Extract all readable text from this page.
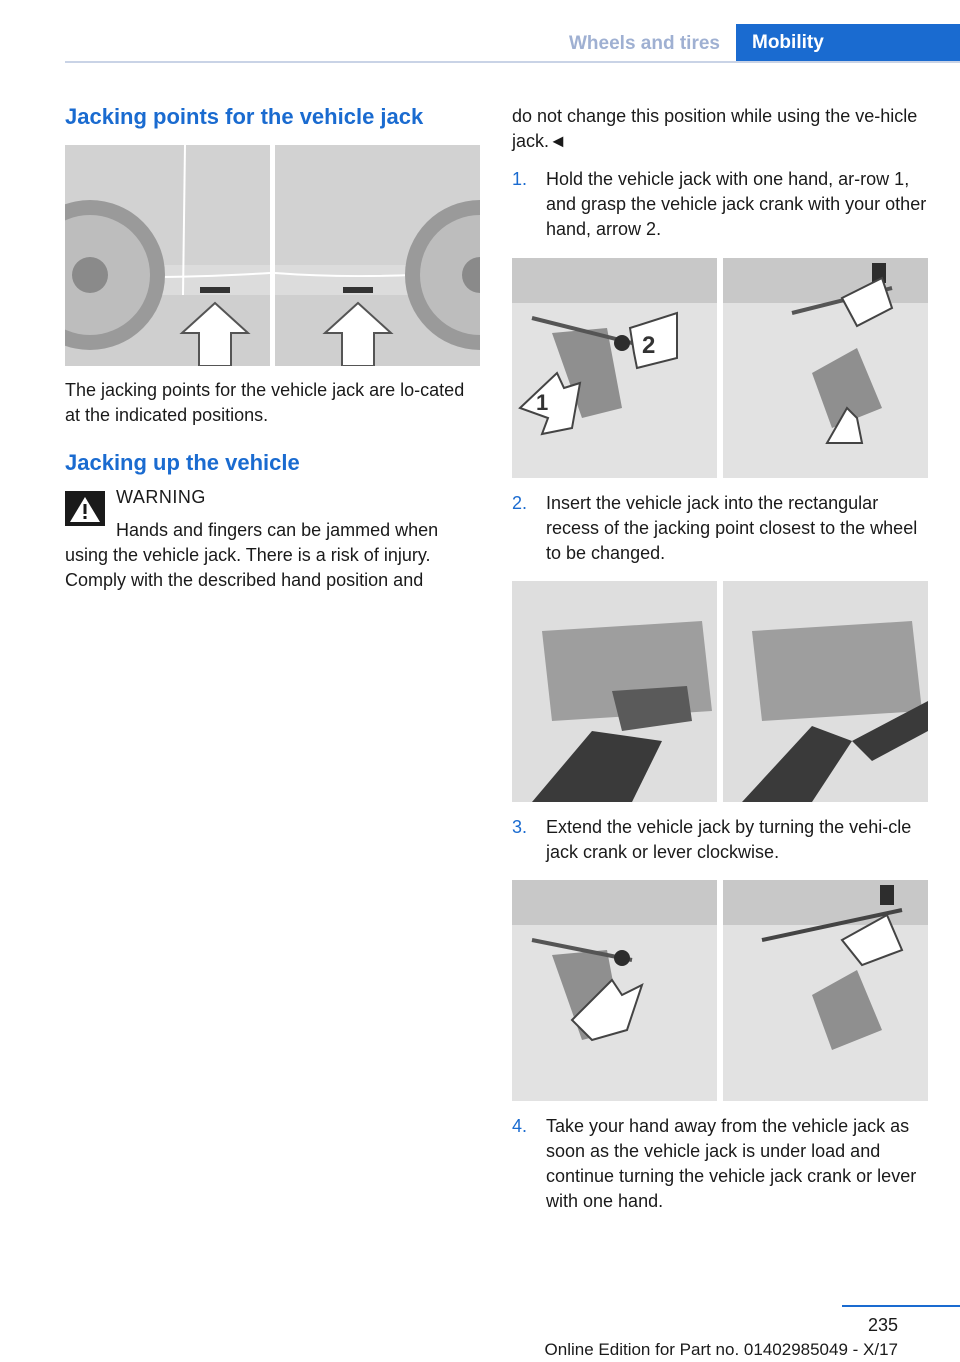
Wheels and tires	Mobility
Jacking points for the vehicle jack

The jacking points for the vehicle jack are lo-cated at the indicated positions.

Jacking up the vehicle
WARNING

Hands and fingers can be jammed when

using the vehicle jack. There is a risk of injury. Comply with the described hand position and

do not change this position while using the ve-hicle jack.◄

1. Hold the vehicle jack with one hand, ar-row 1, and grasp the vehicle jack crank with your other hand, arrow 2.
1
2
2. Insert the vehicle jack into the rectangular recess of the jacking point closest to the wheel to be changed.
3. Extend the vehicle jack by turning the vehi-cle jack crank or lever clockwise.
4. Take your hand away from the vehicle jack as soon as the vehicle jack is under load and continue turning the vehicle jack crank or lever with one hand.
235
Online Edition for Part no. 01402985049 - X/17
